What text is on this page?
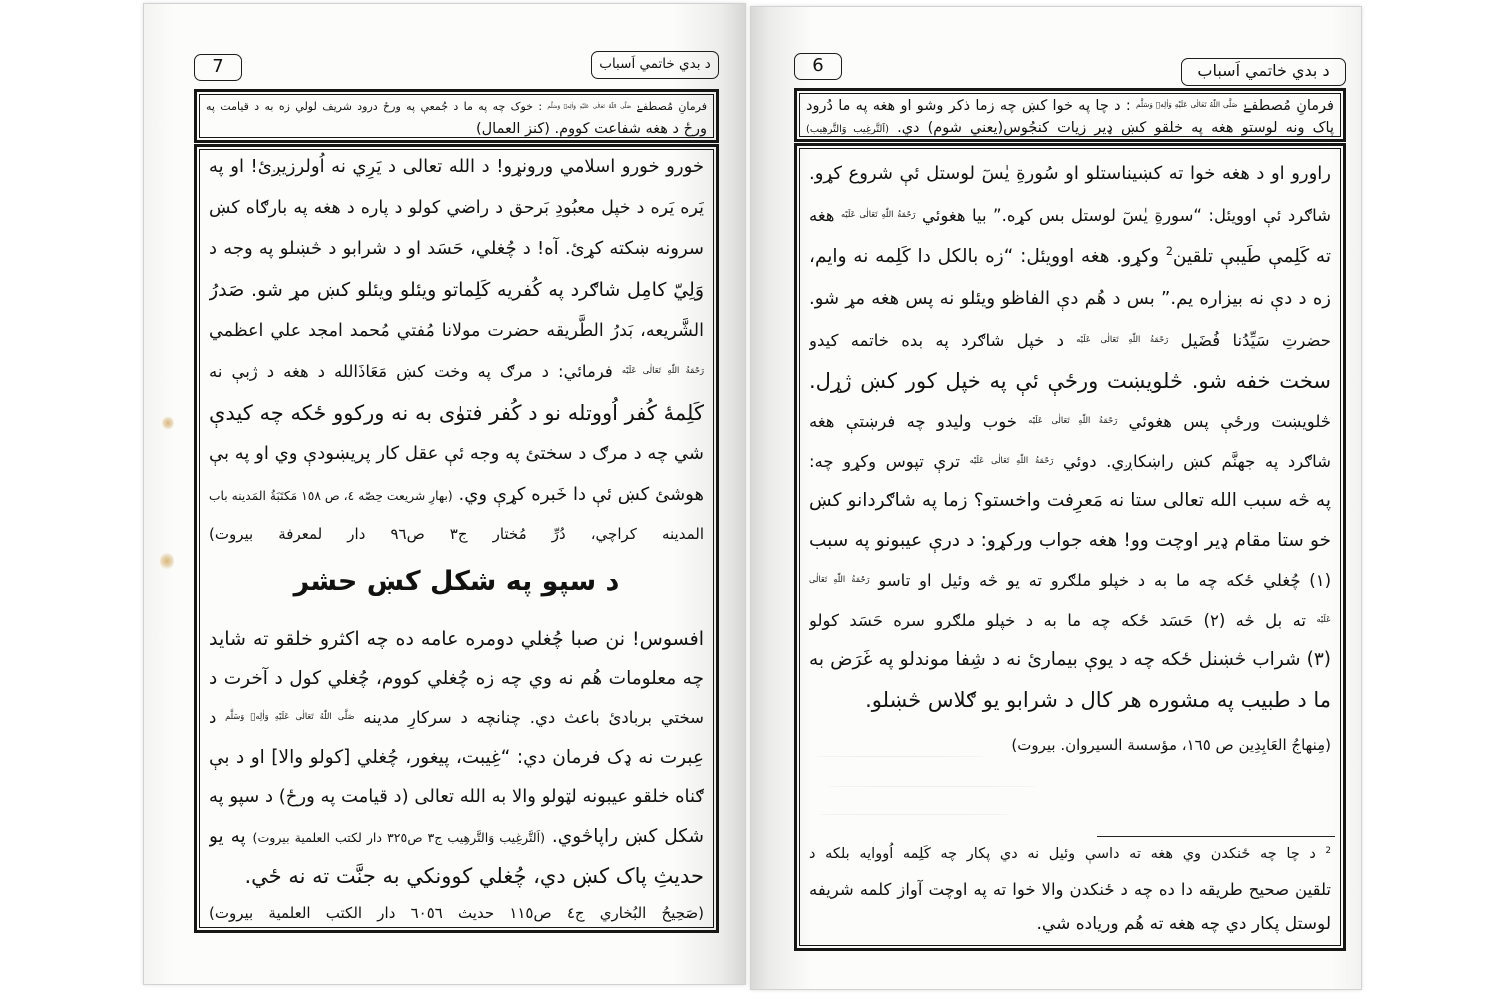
7	د بدي خاتمي اَسباب
فرمانِ مُصطفےٰ $^{صَلَّى اللّٰهُ تَعَالٰى عَلَيْهِ وَاٰلِهٖ وَسَلَّم}$ : خوک چه په ما د جُمعې په ورځ درود شريف لولي زه به د قيامت په
ورځ د هغه شفاعت کووم. (کنز العمال)
خورو خورو اسلامي ورونړو! د الله تعالی د يَرِي نه اُولرزيږئ! او په
يَره يَره د خپل معبُودِ بَرحق د راضي کولو د پاره د هغه په بارګاه کښ
سرونه ښکته کړئ. آه! د چُغلي، حَسَد او د شرابو د څښلو په وجه د
وَلِيّ کامِل شاګرد په کُفريه کَلِماتو ويئلو ويئلو کښ مړ شو. صَدرُ
الشَّريعه، بَدرُ الطَّريقه حضرت مولانا مُفتي مُحمد امجد علي اعظمي
$^{رَحْمَةُ اللّٰهِ تَعَالٰى عَلَيْه}$ فرمائي: د مرګ په وخت کښ مَعَاذَالله د هغه د ژبې نه
کَلِمهٔ کُفر اُووتله نو د کُفر فتوٰی به نه ورکوو ځکه چه کيدې
شي چه د مرګ د سختئ په وجه ئې عقل کار پريښودې وي او په بې
هوشئ کښ ئې دا خَبره کړې وي. (بهارِ شريعت حِصّه ٤، ص ١٥٨ مَکتَبَةُ المَدينه باب
المدينه کراچي، دُرِّ مُختار ج٣ ص٩٦ دار لمعرفة بيروت)
د سپو په شکل کښ حشر
افسوس! نن صبا چُغلي دومره عامه ده چه اکثرو خلقو ته شايد
چه معلومات هُم نه وي چه زه چُغلي کووم، چُغلي کول د آخرت د
سختي بربادئ باعث دي. چنانچه د سرکارِ مدينه $^{صَلَّى اللّٰهُ تَعَالٰى عَلَيْهِ وَاٰلِهٖ وَسَلَّم}$ د
عِبرت نه ډک فرمان دي: “غِيبت، پيغور، چُغلي [کولو والا] او د بې
ګناه خلقو عيبونه لټولو والا به الله تعالی (د قيامت په ورځ) د سپو په
شکل کښ راپاڅوي. (اَلتَّرغِيب وَالتَّرهِيب ج٣ ص٣٢٥ دار لکتب العلمية بيروت) په يو
حديثِ پاک کښ دي، چُغلي کوونکي به جنَّت ته نه ځي.
(صَحِيحُ البُخاري ج٤ ص١١٥ حديث ٦٠٥٦ دار الکتب العلمية بيروت)
6	د بدي خاتمي اَسباب
فرمانِ مُصطفےٰ $^{صَلَّى اللّٰهُ تَعَالٰى عَلَيْهِ وَاٰلِهٖ وَسَلَّم}$ : د چا په خوا کښ چه زما ذکر وشو او هغه په ما دُرود
پاک ونه لوستو هغه په خلقو کښ ډير زيات کنجُوس(يعني شوم) دي. (اَلتَّرغِيب وَالتَّرهِيب)
راورو او د هغه خوا ته کښيناستلو او سُورةِ يٰسٓ لوستل ئې شروع کړو.
شاګرد ئې اوويئل: “سورةِ يٰسٓ لوستل بس کړه.” بيا هغوئي $^{رَحْمَةُ اللّٰهِ تَعَالٰى عَلَيْه}$ هغه
ته کَلِمې طَيبې تلقين$^2$ وکړو. هغه اوويئل: “زه بالکل دا کَلِمه نه وايم،
زه د دې نه بيزاره يم.” بس د هُم دې الفاظو ويئلو نه پس هغه مړ شو.
حضرتِ سَيِّدُنا فُضَيل $^{رَحْمَةُ اللّٰهِ تَعَالٰى عَلَيْه}$ د خپل شاګرد په بده خاتمه کيدو
سخت خفه شو. څلويښت ورځې ئې په خپل کور کښ ژړل.
څلويښت ورځې پس هغوئي $^{رَحْمَةُ اللّٰهِ تَعَالٰى عَلَيْه}$ خوب وليدو چه فرښتې هغه
شاګرد په جهنَّم کښ راښکاږي. دوئي $^{رَحْمَةُ اللّٰهِ تَعَالٰى عَلَيْه}$ ترې تپوس وکړو چه:
په څه سبب الله تعالی ستا نه مَعرِفت واخستو؟ زما په شاګردانو کښ
خو ستا مقام ډير اوچت وو! هغه جواب ورکړو: د درې عيبونو په سبب
(١) چُغلي ځکه چه ما به د خپلو ملګرو ته يو څه وئيل او تاسو $^{رَحْمَةُ اللّٰهِ تَعَالٰى}$
$^{عَلَيْه}$ ته بل څه (٢) حَسَد ځکه چه ما به د خپلو ملګرو سره حَسَد کولو
(٣) شراب څښنل ځکه چه د يوې بيمارئ نه د شِفا موندلو په غَرَض به
ما د طبيب په مشوره هر کال د شرابو يو ګلاس څښلو.
(مِنهاجُ العَابِدِين ص ١٦٥، مؤسسة السيروان. بيروت)
$^2$ د چا چه ځنکدن وي هغه ته داسې وئيل نه دي پکار چه کَلِمه اُووايه بلکه د
تلقين صحيح طريقه دا ده چه د ځنکدن والا خوا ته په اوچت آواز کلمه شريفه
لوستل پکار دي چه هغه ته هُم ورياده شي.
